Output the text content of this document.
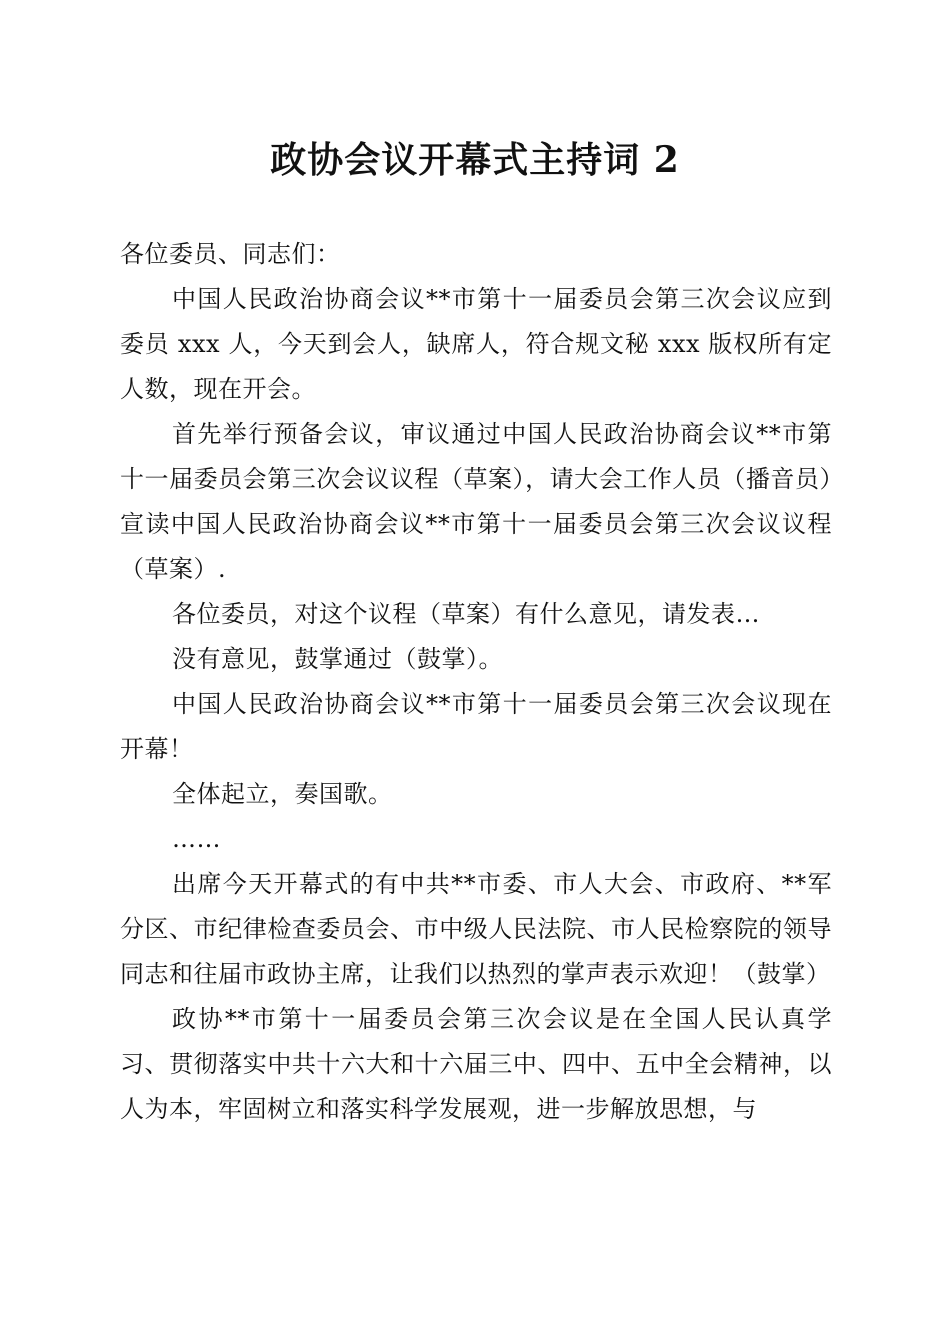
政协会议开幕式主持词 2

各位委员、同志们：

中国人民政治协商会议**市第十一届委员会第三次会议应到委员 xxx 人，今天到会人，缺席人，符合规文秘 xxx 版权所有定人数，现在开会。

首先举行预备会议，审议通过中国人民政治协商会议**市第十一届委员会第三次会议议程（草案），请大会工作人员（播音员）宣读中国人民政治协商会议**市第十一届委员会第三次会议议程（草案）.

各位委员，对这个议程（草案）有什么意见，请发表…

没有意见，鼓掌通过（鼓掌）。

中国人民政治协商会议**市第十一届委员会第三次会议现在开幕！

全体起立，奏国歌。

……

出席今天开幕式的有中共**市委、市人大会、市政府、**军分区、市纪律检查委员会、市中级人民法院、市人民检察院的领导同志和往届市政协主席，让我们以热烈的掌声表示欢迎！（鼓掌）

政协**市第十一届委员会第三次会议是在全国人民认真学习、贯彻落实中共十六大和十六届三中、四中、五中全会精神，以人为本，牢固树立和落实科学发展观，进一步解放思想，与
